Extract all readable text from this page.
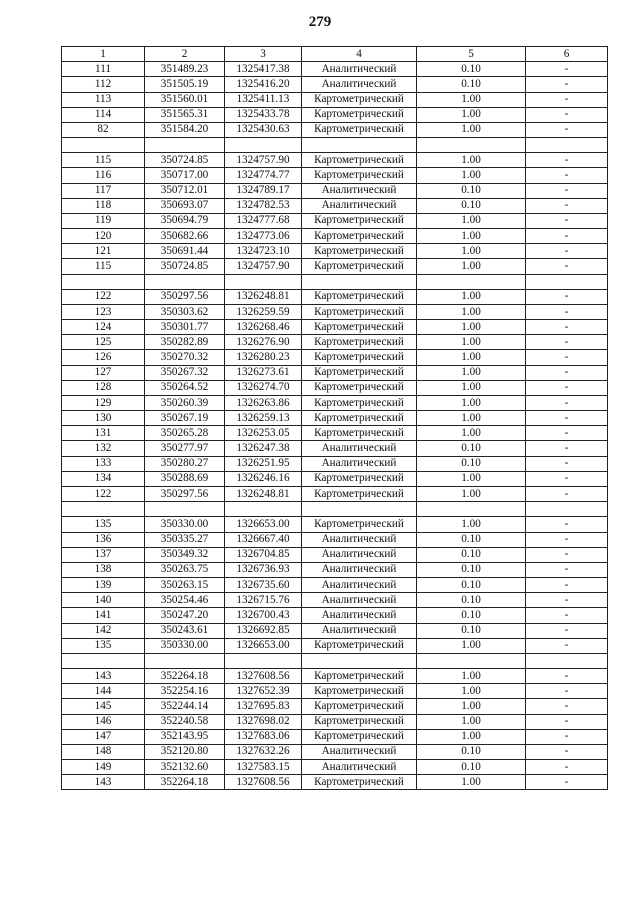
279
1	2	3	4	5	6
111	351489.23	1325417.38	Аналитический	0.10	-
112	351505.19	1325416.20	Аналитический	0.10	-
113	351560.01	1325411.13	Картометрический	1.00	-
114	351565.31	1325433.78	Картометрический	1.00	-
82	351584.20	1325430.63	Картометрический	1.00	-

115	350724.85	1324757.90	Картометрический	1.00	-
116	350717.00	1324774.77	Картометрический	1.00	-
117	350712.01	1324789.17	Аналитический	0.10	-
118	350693.07	1324782.53	Аналитический	0.10	-
119	350694.79	1324777.68	Картометрический	1.00	-
120	350682.66	1324773.06	Картометрический	1.00	-
121	350691.44	1324723.10	Картометрический	1.00	-
115	350724.85	1324757.90	Картометрический	1.00	-

122	350297.56	1326248.81	Картометрический	1.00	-
123	350303.62	1326259.59	Картометрический	1.00	-
124	350301.77	1326268.46	Картометрический	1.00	-
125	350282.89	1326276.90	Картометрический	1.00	-
126	350270.32	1326280.23	Картометрический	1.00	-
127	350267.32	1326273.61	Картометрический	1.00	-
128	350264.52	1326274.70	Картометрический	1.00	-
129	350260.39	1326263.86	Картометрический	1.00	-
130	350267.19	1326259.13	Картометрический	1.00	-
131	350265.28	1326253.05	Картометрический	1.00	-
132	350277.97	1326247.38	Аналитический	0.10	-
133	350280.27	1326251.95	Аналитический	0.10	-
134	350288.69	1326246.16	Картометрический	1.00	-
122	350297.56	1326248.81	Картометрический	1.00	-

135	350330.00	1326653.00	Картометрический	1.00	-
136	350335.27	1326667.40	Аналитический	0.10	-
137	350349.32	1326704.85	Аналитический	0.10	-
138	350263.75	1326736.93	Аналитический	0.10	-
139	350263.15	1326735.60	Аналитический	0.10	-
140	350254.46	1326715.76	Аналитический	0.10	-
141	350247.20	1326700.43	Аналитический	0.10	-
142	350243.61	1326692.85	Аналитический	0.10	-
135	350330.00	1326653.00	Картометрический	1.00	-

143	352264.18	1327608.56	Картометрический	1.00	-
144	352254.16	1327652.39	Картометрический	1.00	-
145	352244.14	1327695.83	Картометрический	1.00	-
146	352240.58	1327698.02	Картометрический	1.00	-
147	352143.95	1327683.06	Картометрический	1.00	-
148	352120.80	1327632.26	Аналитический	0.10	-
149	352132.60	1327583.15	Аналитический	0.10	-
143	352264.18	1327608.56	Картометрический	1.00	-
